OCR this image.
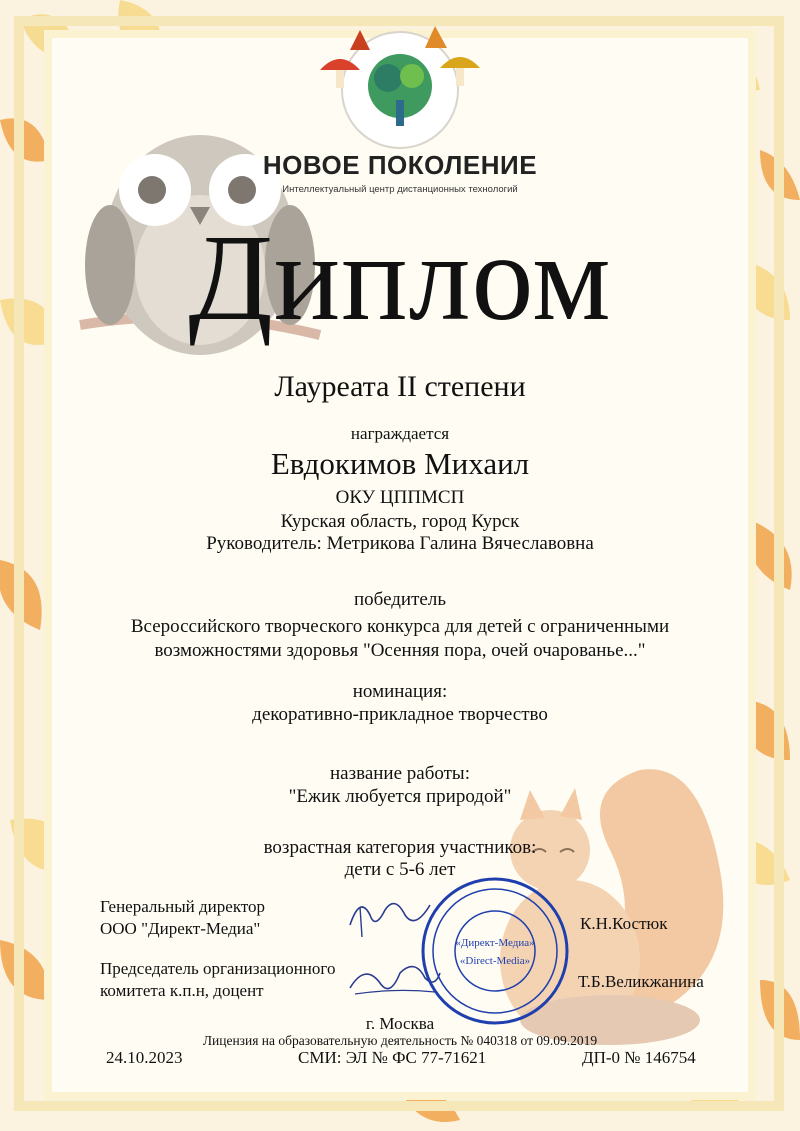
НОВОЕ ПОКОЛЕНИЕ
Интеллектуальный центр дистанционных технологий
Диплом
Лауреата II степени
награждается
Евдокимов Михаил
ОКУ ЦППМСП
Курская область, город Курск
Руководитель: Метрикова Галина Вячеславовна
победитель
Всероссийского творческого конкурса для детей с ограниченными
возможностями здоровья "Осенняя пора, очей очарованье..."
номинация:
декоративно-прикладное творчество
название работы:
"Ежик любуется природой"
возрастная категория участников:
дети с 5-6 лет
Генеральный директор
ООО "Директ-Медиа"
Председатель организационного
комитета к.п.н, доцент
«Директ-Медиа»
«Direct-Media»
К.Н.Костюк
Т.Б.Великжанина
г. Москва
Лицензия на образовательную деятельность № 040318 от 09.09.2019
24.10.2023	СМИ: ЭЛ № ФС 77-71621	ДП-0 № 146754
